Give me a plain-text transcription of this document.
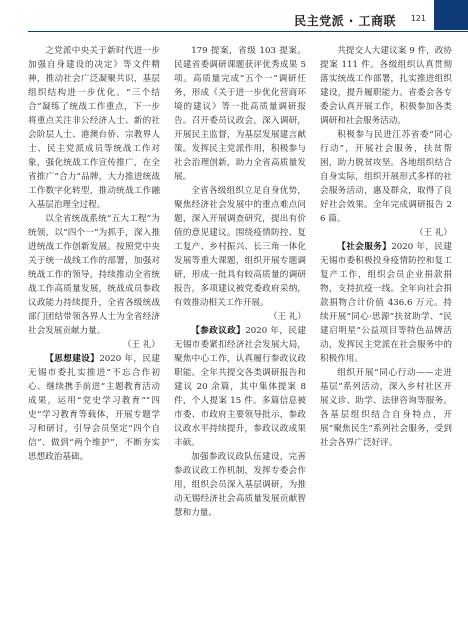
民主党派 · 工商联 121

之党派中央关于新时代进一步加强自身建设的决定》等文件精神，推动社会广泛凝聚共识，基层组织结构进一步优化。“三个结合”凝练了统战工作重点，下一步将重点关注非公经济人士、新的社会阶层人士、港澳台侨、宗教界人士、民主党派成员等统战工作对象，强化统战工作宣传推广，在全省推广“合力”品牌，大力推进统战工作数字化转型，推动统战工作融入基层治理全过程。

以全省统战系统“五大工程”为统领，以“四个一”为抓手，深入推进统战工作创新发展。按照党中央关于统一战线工作的部署，加强对统战工作的领导，持续推动全省统战工作高质量发展，统战成员参政议政能力持续提升，全省各级统战部门团结带领各界人士为全省经济社会发展贡献力量。

（王 礼）

【思想建设】2020 年，民建无锡市委扎实推进“不忘合作初心、继续携手前进”主题教育活动成果，运用“党史学习教育”“四史”学习教育等载体，开展专题学习和研讨，引导会员坚定“四个自信”、做到“两个维护”，不断夯实思想政治基础。

179 提案，省级 103 提案。民建省委调研课题获评优秀成果 5 项。高质量完成“五个一”调研任务，形成《关于进一步优化营商环境的建议》等一批高质量调研报告。召开委员议政会，深入调研，开展民主监督，为基层发展建言献策。发挥民主党派作用，积极参与社会治理创新，助力全省高质量发展。

全省各级组织立足自身优势，聚焦经济社会发展中的重点难点问题，深入开展调查研究，提出有价值的意见建议。围绕疫情防控、复工复产、乡村振兴、长三角一体化发展等重大课题，组织开展专题调研，形成一批具有较高质量的调研报告，多项建议被党委政府采纳，有效推动相关工作开展。

（王 礼）

【参政议政】2020 年，民建无锡市委紧扣经济社会发展大局，聚焦中心工作，认真履行参政议政职能。全年共提交各类调研报告和建议 20 余篇，其中集体提案 8 件，个人提案 15 件。多篇信息被市委、市政府主要领导批示，参政议政水平持续提升，参政议政成果丰硕。

加强参政议政队伍建设，完善参政议政工作机制，发挥专委会作用，组织会员深入基层调研，为推动无锡经济社会高质量发展贡献智慧和力量。

共提交人大建议案 9 件，政协提案 111 件。各级组织认真贯彻落实统战工作部署，扎实推进组织建设，提升履职能力。省委会各专委会认真开展工作，积极参加各类调研和社会服务活动。

积极参与民进江苏省委“同心行动”，开展社会服务，扶贫帮困，助力脱贫攻坚。各地组织结合自身实际，组织开展形式多样的社会服务活动，惠及群众，取得了良好社会效果。全年完成调研报告 26 篇。

（王 礼）

【社会服务】2020 年，民建无锡市委积极投身疫情防控和复工复产工作，组织会员企业捐款捐物，支持抗疫一线。全年向社会捐款捐物合计价值 436.6 万元。持续开展“同心·思源”扶贫助学、“民建启明星”公益项目等特色品牌活动，发挥民主党派在社会服务中的积极作用。

组织开展“同心行动——走进基层”系列活动，深入乡村社区开展义诊、助学、法律咨询等服务。各基层组织结合自身特点，开展“聚焦民生”系列社会服务，受到社会各界广泛好评。
